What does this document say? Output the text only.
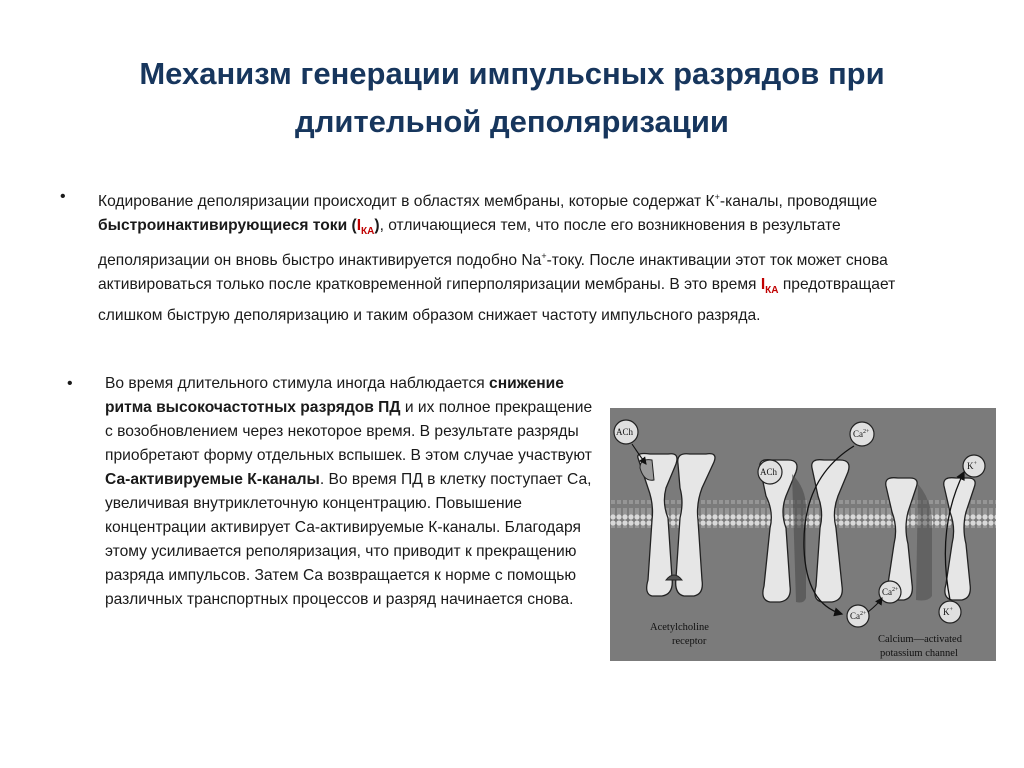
Механизм генерации импульсных разрядов при
длительной деполяризации
• Кодирование деполяризации происходит в областях мембраны, которые содержат К+-каналы, проводящие быстроинактивирующиеся токи $(I_{КА})$, отличающиеся тем, что после его возникновения в результате деполяризации он вновь быстро инактивируется подобно Na+-току. После инактивации этот ток может снова активироваться только после кратковременной гиперполяризации мембраны. В это время $I_{КА}$ предотвращает слишком быструю деполяризацию и таким образом снижает частоту импульсного разряда.
• Во время длительного стимула иногда наблюдается снижение ритма высокочастотных разрядов ПД и их полное прекращение с возобновлением через некоторое время. В результате разряды приобретают форму отдельных вспышек. В этом случае участвуют Са-активируемые К-каналы. Во время ПД в клетку поступает Са, увеличивая внутриклеточную концентрацию. Повышение концентрации активирует Са-активируемые К-каналы. Благодаря этому усиливается реполяризация, что приводит к прекращению разряда импульсов. Затем Са возвращается к норме с помощью различных транспортных процессов и разряд начинается снова.
ACh
ACh
$Ca^{2+}$
K+
K+
$Ca^{2+}$
$Ca^{2+}$
Acetylcholine
receptor	Calcium—activated
potassium channel
